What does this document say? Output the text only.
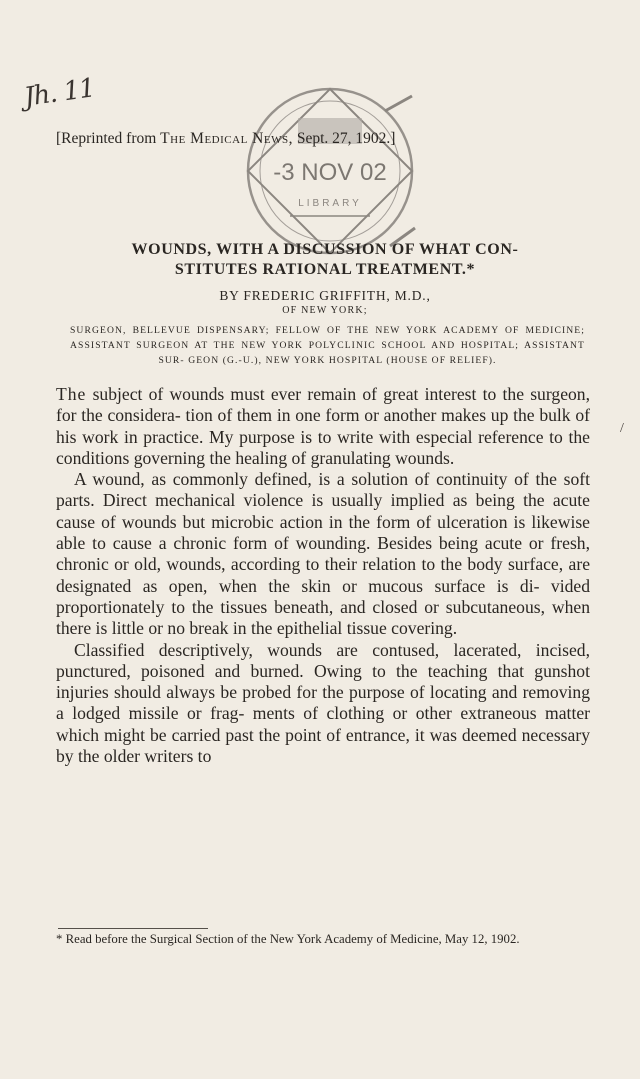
Jh. 11
-3 NOV 02
LIBRARY
[Reprinted from The Medical News, Sept. 27, 1902.]
WOUNDS, WITH A DISCUSSION OF WHAT CON-
STITUTES RATIONAL TREATMENT.*
BY FREDERIC GRIFFITH, M.D.,
OF NEW YORK;
SURGEON, BELLEVUE DISPENSARY; FELLOW OF THE NEW YORK ACADEMY OF MEDICINE; ASSISTANT SURGEON AT THE NEW YORK POLYCLINIC SCHOOL AND HOSPITAL; ASSISTANT SUR- GEON (G.-U.), NEW YORK HOSPITAL (HOUSE OF RELIEF).

The subject of wounds must ever remain of great interest to the surgeon, for the considera- tion of them in one form or another makes up the bulk of his work in practice. My purpose is to write with especial reference to the conditions governing the healing of granulating wounds.

A wound, as commonly defined, is a solution of continuity of the soft parts. Direct mechanical violence is usually implied as being the acute cause of wounds but microbic action in the form of ulceration is likewise able to cause a chronic form of wounding. Besides being acute or fresh, chronic or old, wounds, according to their relation to the body surface, are designated as open, when the skin or mucous surface is di- vided proportionately to the tissues beneath, and closed or subcutaneous, when there is little or no break in the epithelial tissue covering.

Classified descriptively, wounds are contused, lacerated, incised, punctured, poisoned and burned. Owing to the teaching that gunshot injuries should always be probed for the purpose of locating and removing a lodged missile or frag- ments of clothing or other extraneous matter which might be carried past the point of entrance, it was deemed necessary by the older writers to

/
* Read before the Surgical Section of the New York Academy of Medicine, May 12, 1902.
